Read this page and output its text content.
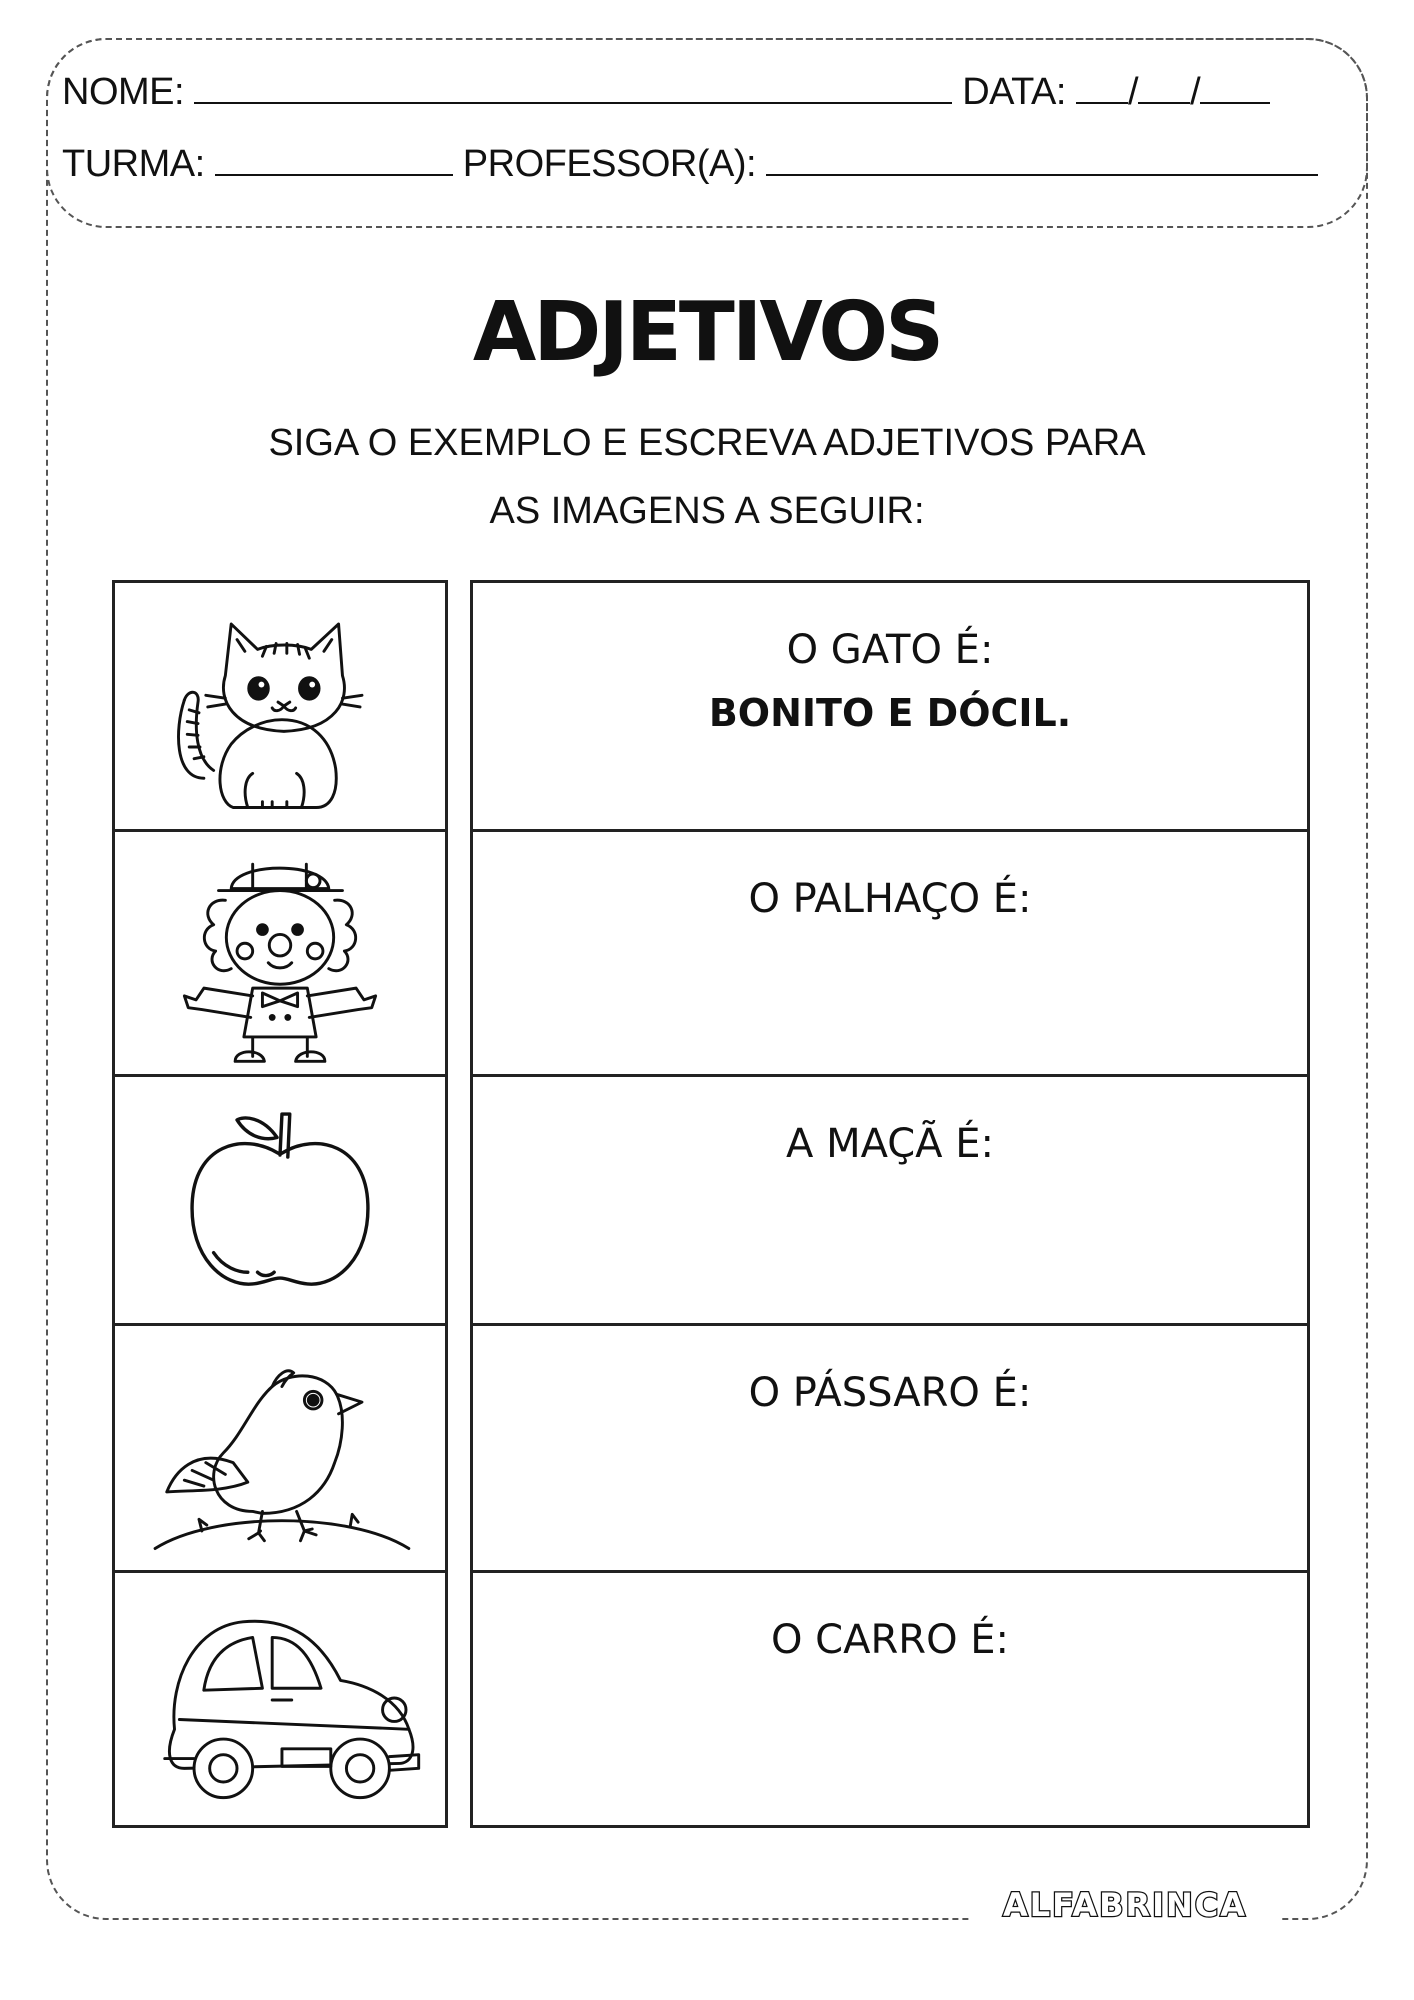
NOME:	DATA: / /
TURMA:	PROFESSOR(A):
ADJETIVOS
SIGA O EXEMPLO E ESCREVA ADJETIVOS PARA
AS IMAGENS A SEGUIR:
O GATO É:
BONITO E DÓCIL.
O PALHAÇO É:
A MAÇÃ É:
O PÁSSARO É:
O CARRO É:
ALFABRINCA
